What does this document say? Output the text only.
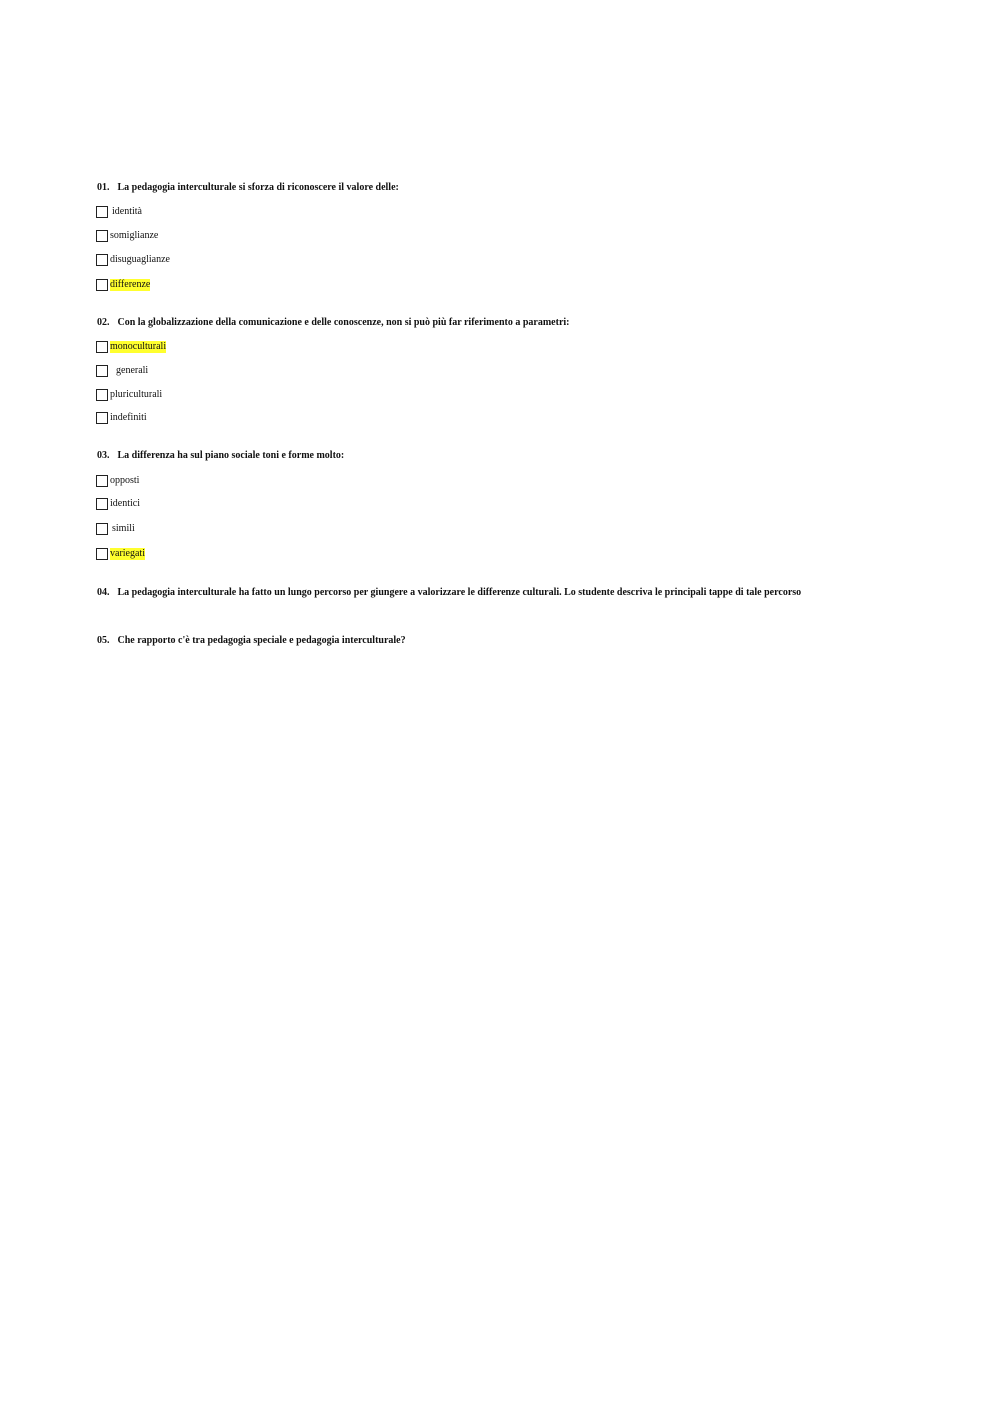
01. La pedagogia interculturale si sforza di riconoscere il valore delle:
identità
somiglianze
disuguaglianze
differenze
02. Con la globalizzazione della comunicazione e delle conoscenze, non si può più far riferimento a parametri:
monoculturali
generali
pluriculturali
indefiniti
03. La differenza ha sul piano sociale toni e forme molto:
opposti
identici
simili
variegati
04. La pedagogia interculturale ha fatto un lungo percorso per giungere a valorizzare le differenze culturali. Lo studente descriva le principali tappe di tale percorso
05. Che rapporto c'è tra pedagogia speciale e pedagogia interculturale?
